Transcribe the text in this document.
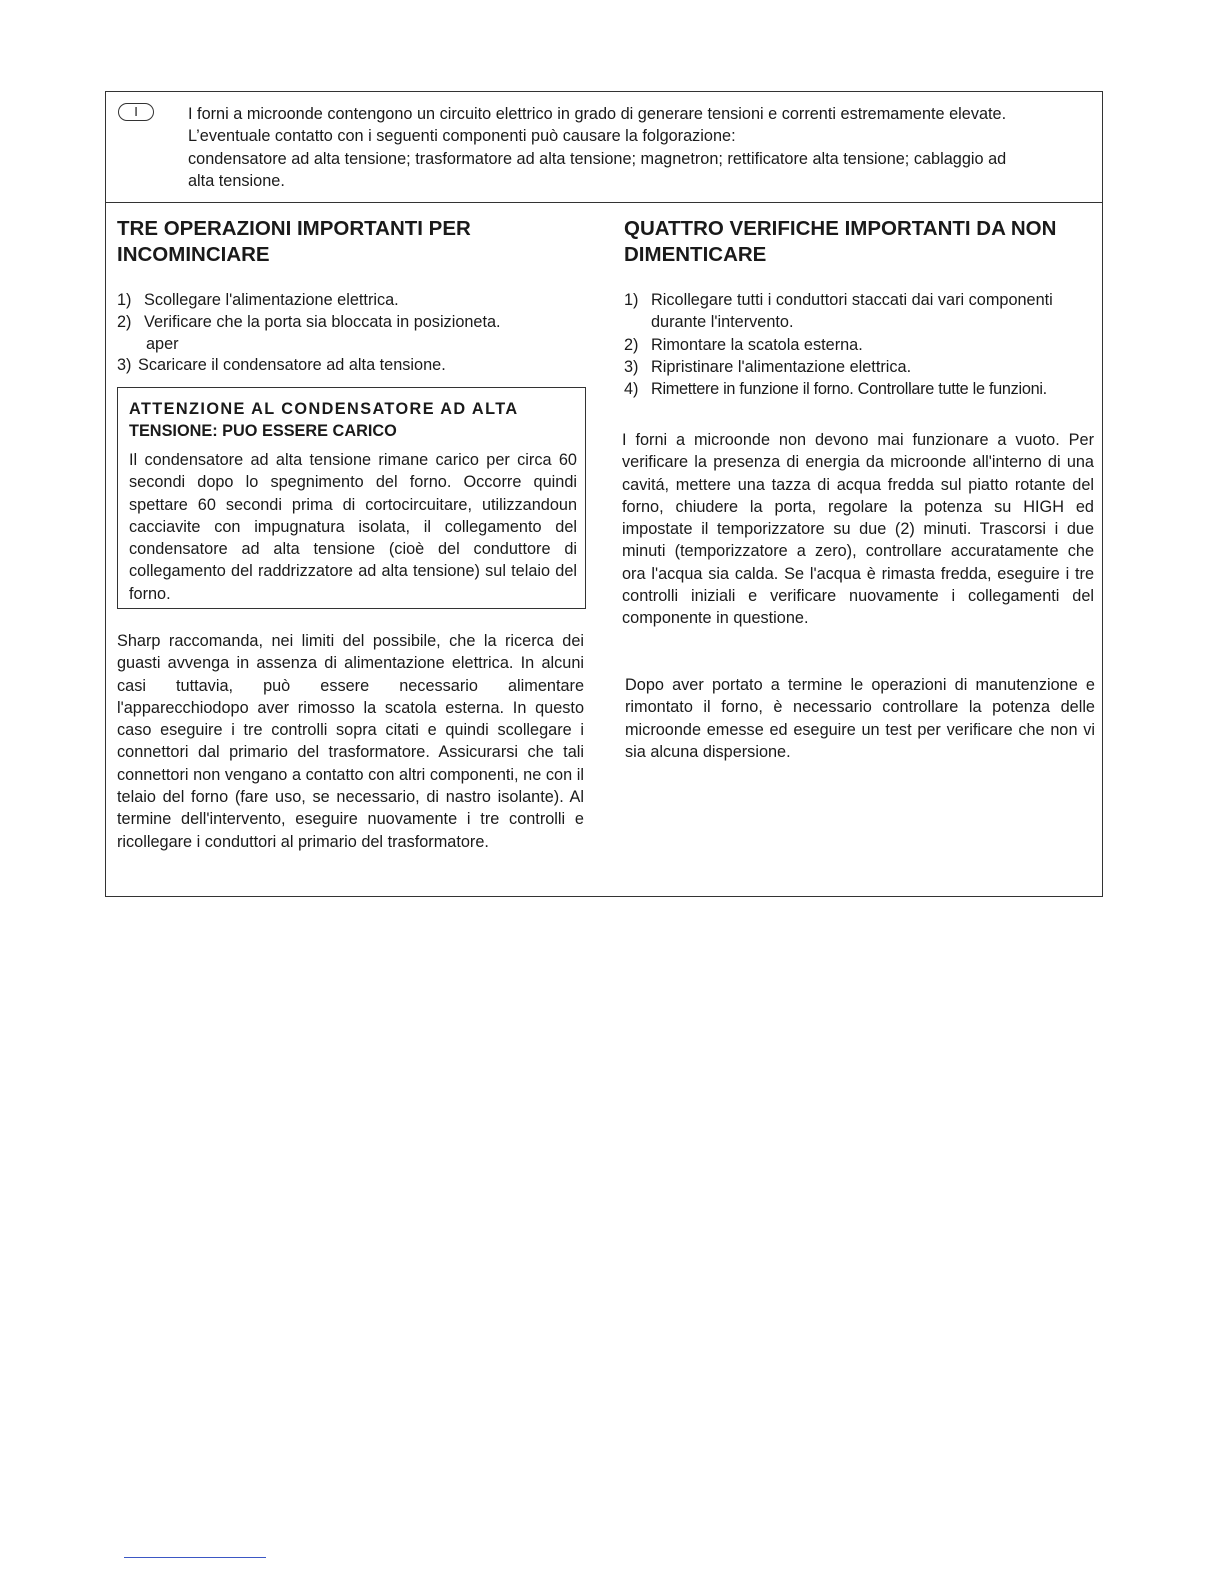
I	I forni a microonde contengono un circuito elettrico in grado di generare tensioni e correnti estremamente elevate.
L’eventuale contatto con i seguenti componenti può causare la folgorazione:
condensatore ad alta tensione; trasformatore ad alta tensione; magnetron; rettificatore alta tensione; cablaggio ad
alta tensione.
TRE OPERAZIONI IMPORTANTI PER
INCOMINCIARE
1) Scollegare l'alimentazione elettrica.
2) Verificare che la porta sia bloccata in posizioneta.
aper
3) Scaricare il condensatore ad alta tensione.
ATTENZIONE AL CONDENSATORE AD ALTA
TENSIONE: PUO ESSERE CARICO
Il condensatore ad alta tensione rimane carico per circa 60 secondi dopo lo spegnimento del forno. Occorre quindi spettare 60 secondi prima di cortocircuitare, utilizzandoun cacciavite con impugnatura isolata, il collegamento del condensatore ad alta tensione (cioè del conduttore di collegamento del raddrizzatore ad alta tensione) sul telaio del forno.

Sharp raccomanda, nei limiti del possibile, che la ricerca dei guasti avvenga in assenza di alimentazione elettrica. In alcuni casi tuttavia, può essere necessario alimentare l'apparecchiodopo aver rimosso la scatola esterna. In questo caso eseguire i tre controlli sopra citati e quindi scollegare i connettori dal primario del trasformatore. Assicurarsi che tali connettori non vengano a contatto con altri componenti, ne con il telaio del forno (fare uso, se necessario, di nastro isolante). Al termine dell'intervento, eseguire nuovamente i tre controlli e ricollegare i conduttori al primario del trasformatore.

QUATTRO VERIFICHE IMPORTANTI DA NON
DIMENTICARE
1) Ricollegare tutti i conduttori staccati dai vari componenti durante l'intervento.
2) Rimontare la scatola esterna.
3) Ripristinare l'alimentazione elettrica.
4) Rimettere in funzione il forno. Controllare tutte le funzioni.

I forni a microonde non devono mai funzionare a vuoto. Per verificare la presenza di energia da microonde all'interno di una cavitá, mettere una tazza di acqua fredda sul piatto rotante del forno, chiudere la porta, regolare la potenza su HIGH ed impostate il temporizzatore su due (2) minuti. Trascorsi i due minuti (temporizzatore a zero), controllare accuratamente che ora l'acqua sia calda. Se l'acqua è rimasta fredda, eseguire i tre controlli iniziali e verificare nuovamente i collegamenti del componente in questione.

Dopo aver portato a termine le operazioni di manutenzione e rimontato il forno, è necessario controllare la potenza delle microonde emesse ed eseguire un test per verificare che non vi sia alcuna dispersione.
